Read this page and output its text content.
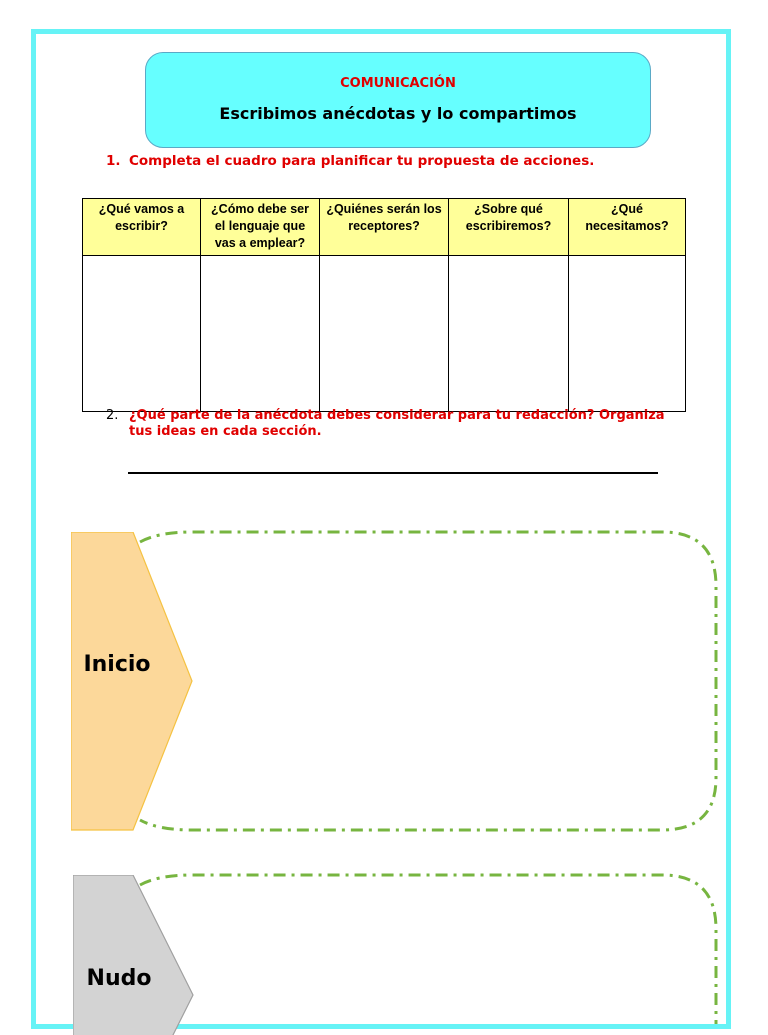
COMUNICACIÓN
Escribimos anécdotas y lo compartimos
1. Completa el cuadro para planificar tu propuesta de acciones.
¿Qué vamos a escribir?	¿Cómo debe ser el lenguaje que vas a emplear?	¿Quiénes serán los receptores?	¿Sobre qué escribiremos?	¿Qué necesitamos?

2. ¿Qué parte de la anécdota debes considerar para tu redacción? Organiza tus ideas en cada sección.
Inicio
Nudo
